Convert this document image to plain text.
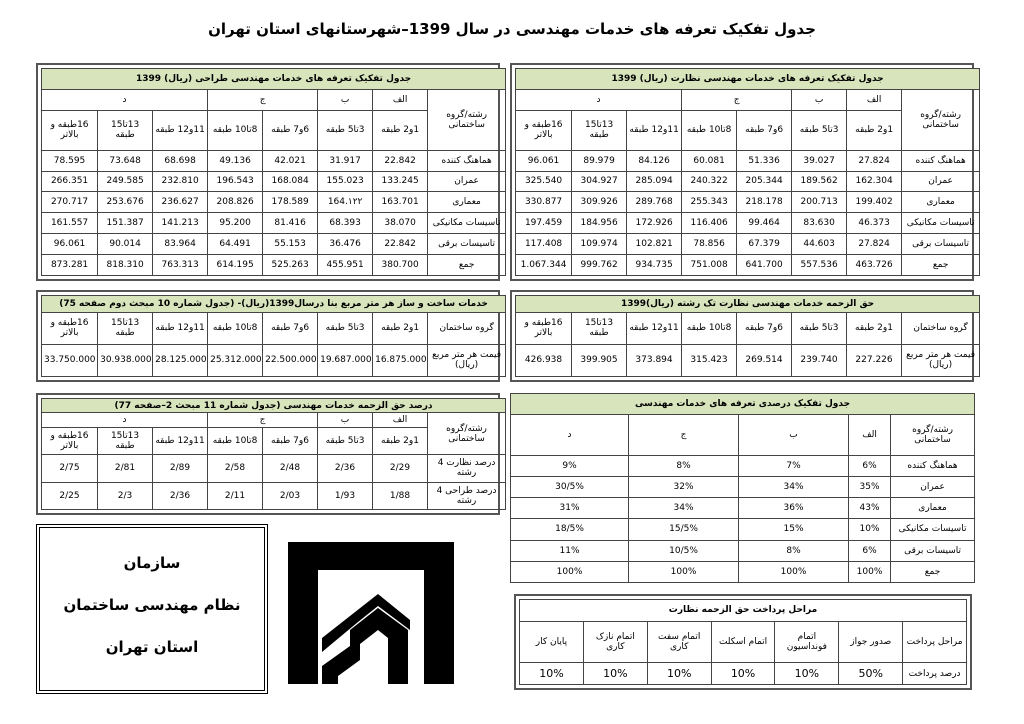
جدول تفکیک تعرفه های خدمات مهندسی در سال 1399–شهرستانهای استان تهران
جدول تفکیک تعرفه های خدمات مهندسی نظارت (ریال) 1399							
رشته/گروه ساختمانی	الف	ب	ج		د		
	1و2 طبقه	3تا5 طبقه	6و7 طبقه	8تا10 طبقه	11و12 طبقه	13تا15 طبقه	16طبقه و بالاتر
هماهنگ کننده	27.824	39.027	51.336	60.081	84.126	89.979	96.061
عمران	162.304	189.562	205.344	240.322	285.094	304.927	325.540
معماری	199.402	200.713	218.178	255.343	289.768	309.926	330.877
تاسیسات مکانیکی	46.373	83.630	99.464	116.406	172.926	184.956	197.459
تاسیسات برقی	27.824	44.603	67.379	78.856	102.821	109.974	117.408
جمع	463.726	557.536	641.700	751.008	934.735	999.762	1.067.344
جدول تفکیک تعرفه های خدمات مهندسی طراحی (ریال) 1399							
رشته/گروه ساختمانی	الف	ب	ج		د		
	1و2 طبقه	3تا5 طبقه	6و7 طبقه	8تا10 طبقه	11و12 طبقه	13تا15 طبقه	16طبقه و بالاتر
هماهنگ کننده	22.842	31.917	42.021	49.136	68.698	73.648	78.595
عمران	133.245	155.023	168.084	196.543	232.810	249.585	266.351
معماری	163.701	164.۱۲۲	178.589	208.826	236.627	253.676	270.717
تاسیسات مکانیکی	38.070	68.393	81.416	95.200	141.213	151.387	161.557
تاسیسات برقی	22.842	36.476	55.153	64.491	83.964	90.014	96.061
جمع	380.700	455.951	525.263	614.195	763.313	818.310	873.281
حق الزحمه خدمات مهندسی نظارت تک رشته (ریال)1399							
گروه ساختمان	1و2 طبقه	3تا5 طبقه	6و7 طبقه	8تا10 طبقه	11و12 طبقه	13تا15 طبقه	16طبقه و بالاتر
قیمت هر متر مربع (ریال)	227.226	239.740	269.514	315.423	373.894	399.905	426.938
خدمات ساخت و ساز هر متر مربع بنا درسال1399(ریال)- (جدول شماره 10 مبحث دوم صفحه 75)							
گروه ساختمان	1و2 طبقه	3تا5 طبقه	6و7 طبقه	8تا10 طبقه	11و12 طبقه	13تا15 طبقه	16طبقه و بالاتر
قیمت هر متر مربع (ریال)	16.875.000	19.687.000	22.500.000	25.312.000	28.125.000	30.938.000	33.750.000
درصد حق الزحمه خدمات مهندسی (جدول شماره 11 مبحث 2–صفحه 77)							
رشته/گروه ساختمانی	الف	ب	ج		د		
	1و2 طبقه	3تا5 طبقه	6و7 طبقه	8تا10 طبقه	11و12 طبقه	13تا15 طبقه	16طبقه و بالاتر
درصد نظارت 4 رشته	2/29	2/36	2/48	2/58	2/89	2/81	2/75
درصد طراحی 4 رشته	1/88	1/93	2/03	2/11	2/36	2/3	2/25
جدول تفکیک درصدی تعرفه های خدمات مهندسی				
رشته/گروه ساختمانی	الف	ب	ج	د
هماهنگ کننده	6%	7%	8%	9%
عمران	35%	34%	32%	30/5%
معماری	43%	36%	34%	31%
تاسیسات مکانیکی	10%	15%	15/5%	18/5%
تاسیسات برقی	6%	8%	10/5%	11%
جمع	100%	100%	100%	100%
مراحل پرداخت حق الزحمه نظارت						
مراحل پرداخت	صدور جواز	اتمام فونداسیون	اتمام اسکلت	اتمام سفت کاری	اتمام نازک کاری	پایان کار
درصد پرداخت	50%	10%	10%	10%	10%	10%
سازمان
نظام مهندسی ساختمان
استان تهران
